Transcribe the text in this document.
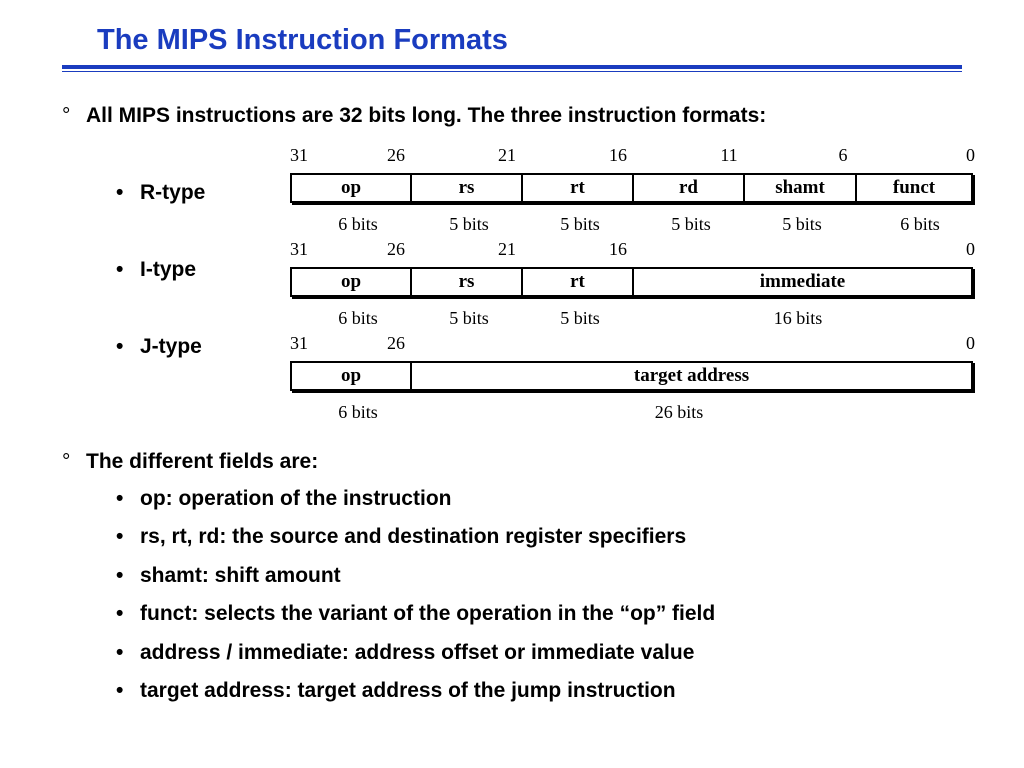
The MIPS Instruction Formats
° All MIPS instructions are 32 bits long. The three instruction formats:
• R-type
• I-type
• J-type
31	26	21	16	11	6	0
op	rs	rt	rd	shamt	funct
6 bits	5 bits	5 bits	5 bits	5 bits	6 bits
31	26	21	16	0
op	rs	rt	immediate
6 bits	5 bits	5 bits	16 bits
31	26	0
op	target address
6 bits	26 bits
° The different fields are:
• op: operation of the instruction
• rs, rt, rd: the source and destination register specifiers
• shamt: shift amount
• funct: selects the variant of the operation in the “op” field
• address / immediate: address offset or immediate value
• target address: target address of the jump instruction
